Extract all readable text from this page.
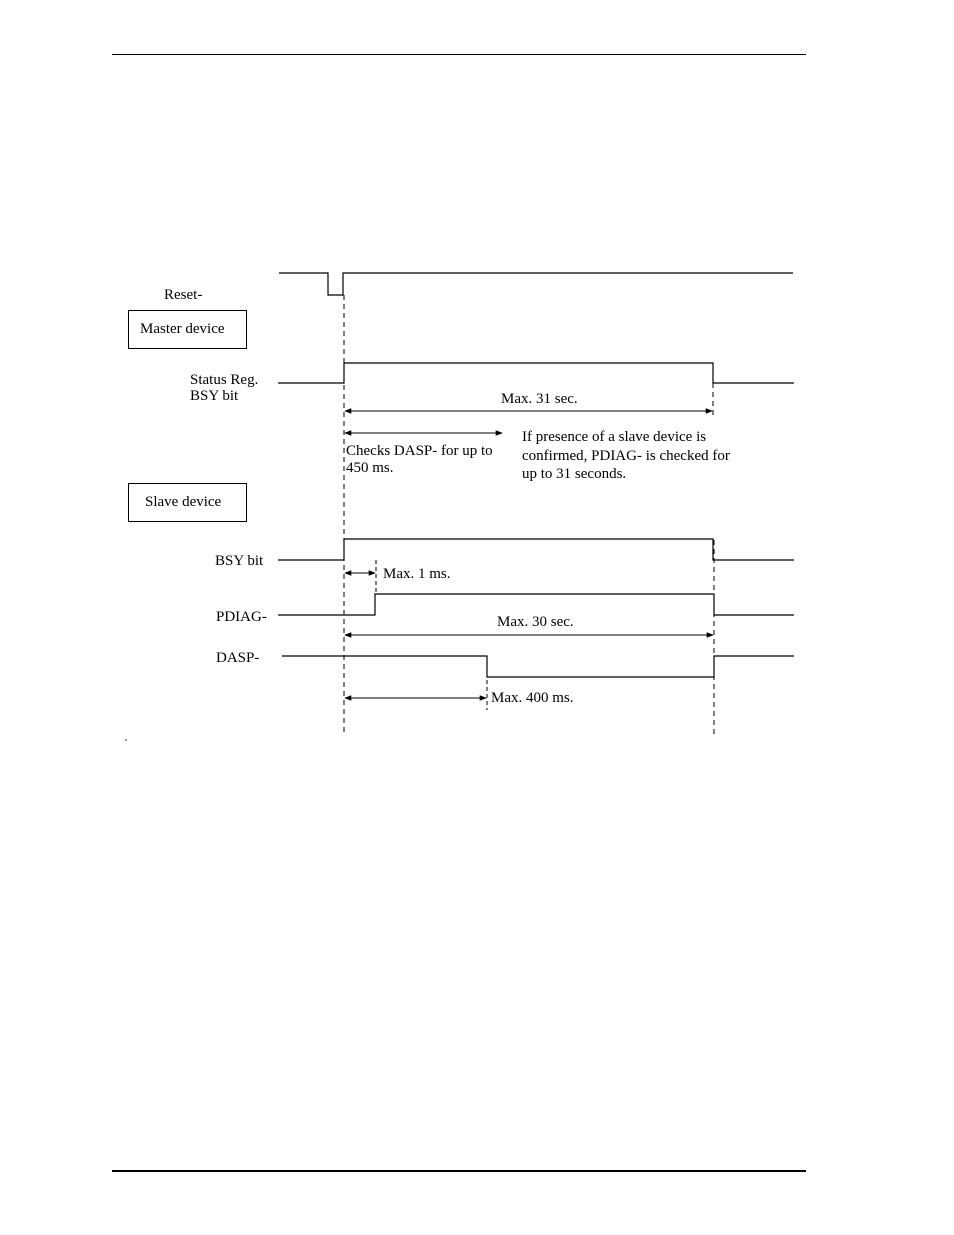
Reset-
Status Reg.
BSY bit
BSY bit
PDIAG-
DASP-
Master device
Slave device
Max. 31 sec.
Checks DASP- for up to
450 ms.
If presence of a slave device is
confirmed, PDIAG- is checked for
up to 31 seconds.
Max. 1 ms.
Max. 30 sec.
Max. 400 ms.
